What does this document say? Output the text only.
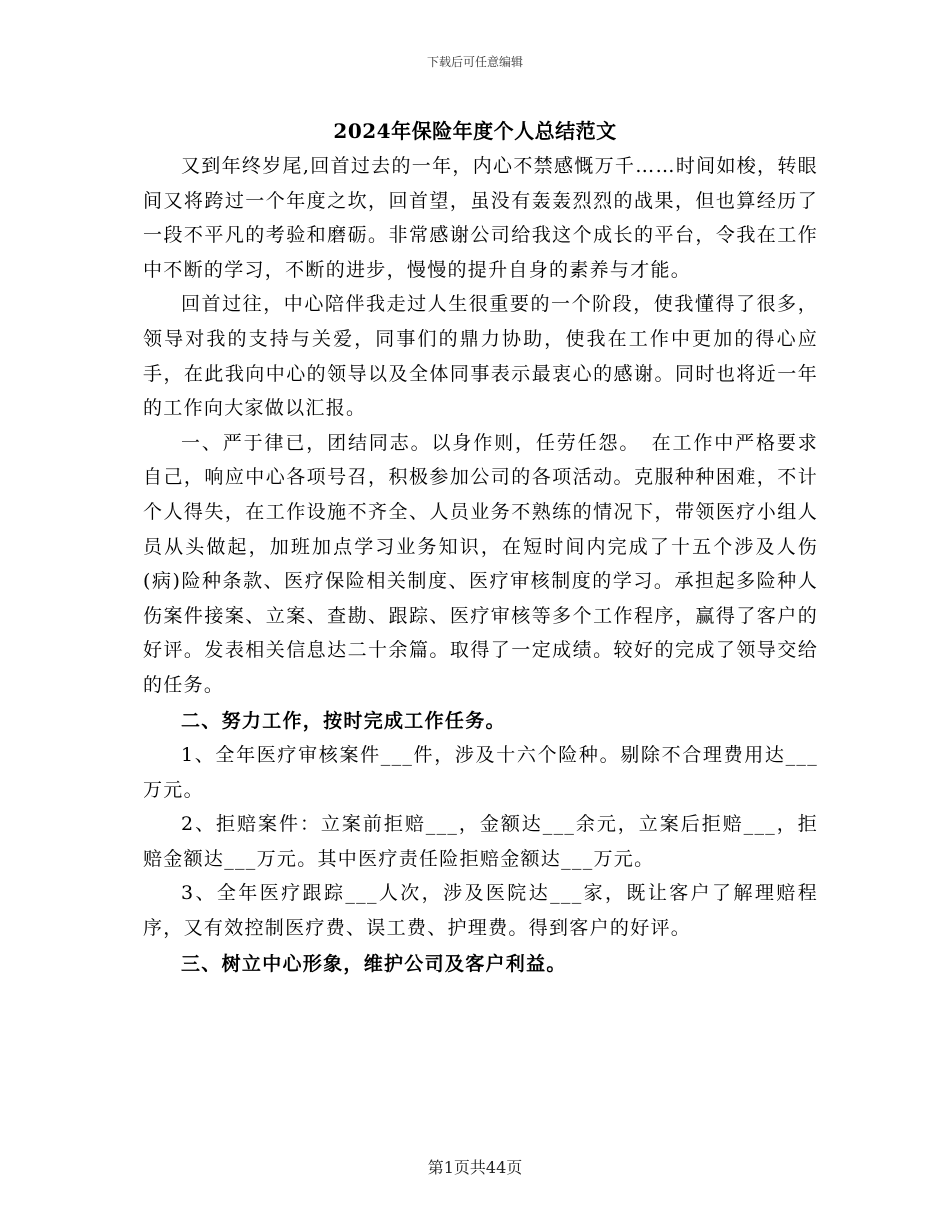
下载后可任意编辑
2024年保险年度个人总结范文

又到年终岁尾,回首过去的一年，内心不禁感慨万千……时间如梭，转眼间又将跨过一个年度之坎，回首望，虽没有轰轰烈烈的战果，但也算经历了一段不平凡的考验和磨砺。非常感谢公司给我这个成长的平台，令我在工作中不断的学习，不断的进步，慢慢的提升自身的素养与才能。

回首过往，中心陪伴我走过人生很重要的一个阶段，使我懂得了很多，领导对我的支持与关爱，同事们的鼎力协助，使我在工作中更加的得心应手，在此我向中心的领导以及全体同事表示最衷心的感谢。同时也将近一年的工作向大家做以汇报。

一、严于律已，团结同志。以身作则，任劳任怨。　在工作中严格要求自己，响应中心各项号召，积极参加公司的各项活动。克服种种困难，不计个人得失，在工作设施不齐全、人员业务不熟练的情况下，带领医疗小组人员从头做起，加班加点学习业务知识，在短时间内完成了十五个涉及人伤(病)险种条款、医疗保险相关制度、医疗审核制度的学习。承担起多险种人伤案件接案、立案、查勘、跟踪、医疗审核等多个工作程序，赢得了客户的好评。发表相关信息达二十余篇。取得了一定成绩。较好的完成了领导交给的任务。

二、努力工作，按时完成工作任务。

1、全年医疗审核案件___件，涉及十六个险种。剔除不合理费用达___万元。

2、拒赔案件：立案前拒赔___，金额达___余元，立案后拒赔___，拒赔金额达___万元。其中医疗责任险拒赔金额达___万元。

3、全年医疗跟踪___人次，涉及医院达___家，既让客户了解理赔程序，又有效控制医疗费、误工费、护理费。得到客户的好评。

三、树立中心形象，维护公司及客户利益。

第1页共44页
